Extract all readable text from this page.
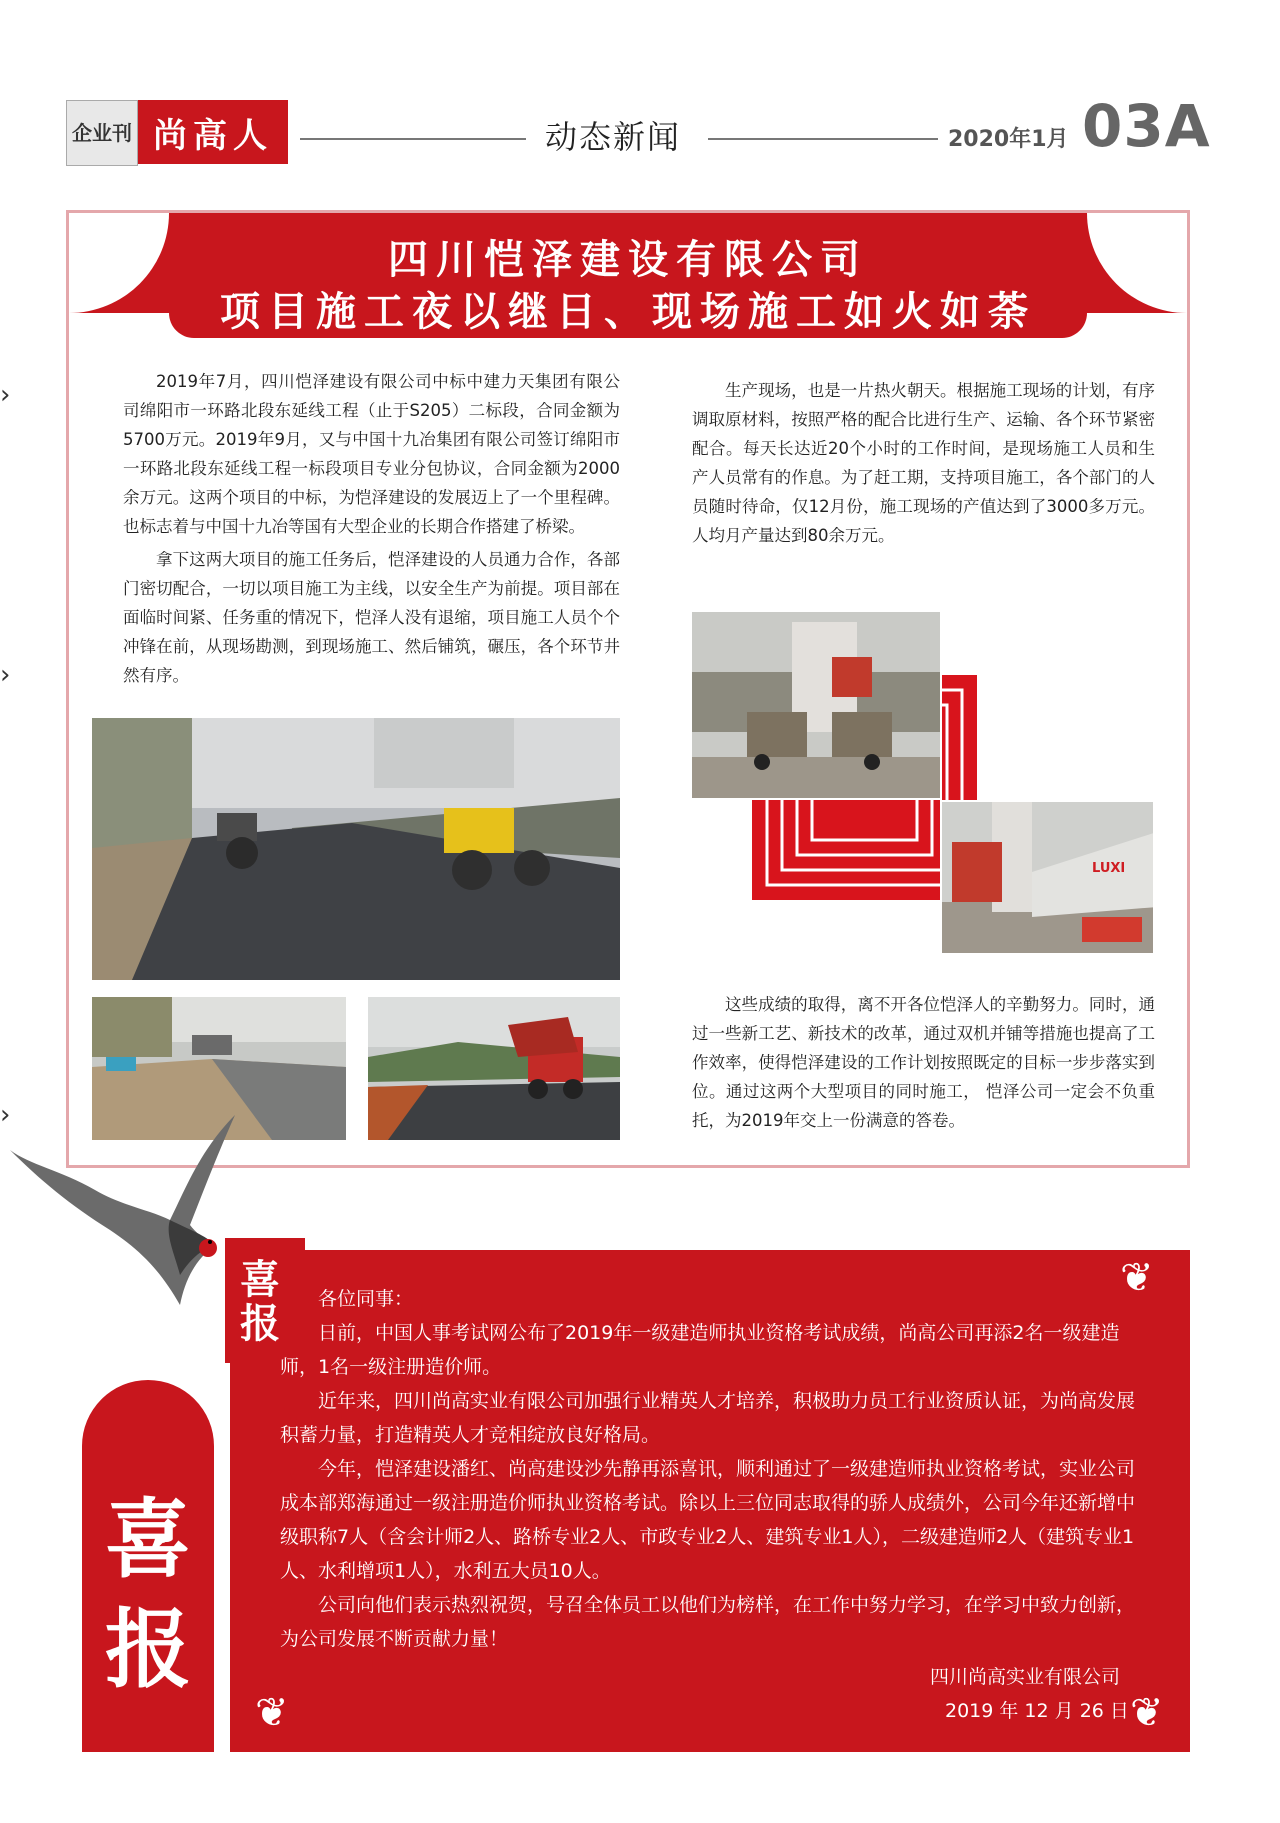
企业刊 尚高人	动态新闻	2020年1月 03A
›
›
›
四川恺泽建设有限公司
项目施工夜以继日、现场施工如火如荼

2019年7月，四川恺泽建设有限公司中标中建力天集团有限公司绵阳市一环路北段东延线工程（止于S205）二标段，合同金额为5700万元。2019年9月，又与中国十九冶集团有限公司签订绵阳市一环路北段东延线工程一标段项目专业分包协议，合同金额为2000余万元。这两个项目的中标，为恺泽建设的发展迈上了一个里程碑。也标志着与中国十九冶等国有大型企业的长期合作搭建了桥梁。

拿下这两大项目的施工任务后，恺泽建设的人员通力合作，各部门密切配合，一切以项目施工为主线，以安全生产为前提。项目部在面临时间紧、任务重的情况下，恺泽人没有退缩，项目施工人员个个冲锋在前，从现场勘测，到现场施工、然后铺筑，碾压，各个环节井然有序。

生产现场，也是一片热火朝天。根据施工现场的计划，有序调取原材料，按照严格的配合比进行生产、运输、各个环节紧密配合。每天长达近20个小时的工作时间，是现场施工人员和生产人员常有的作息。为了赶工期，支持项目施工，各个部门的人员随时待命，仅12月份，施工现场的产值达到了3000多万元。人均月产量达到80余万元。

这些成绩的取得，离不开各位恺泽人的辛勤努力。同时，通过一些新工艺、新技术的改革，通过双机并铺等措施也提高了工作效率，使得恺泽建设的工作计划按照既定的目标一步步落实到位。通过这两个大型项目的同时施工， 恺泽公司一定会不负重托，为2019年交上一份满意的答卷。

LUXI
喜
报
喜
报
❦
❦	❦

各位同事：

日前，中国人事考试网公布了2019年一级建造师执业资格考试成绩，尚高公司再添2名一级建造师，1名一级注册造价师。

近年来，四川尚高实业有限公司加强行业精英人才培养，积极助力员工行业资质认证，为尚高发展积蓄力量，打造精英人才竞相绽放良好格局。

今年，恺泽建设潘红、尚高建设沙先静再添喜讯，顺利通过了一级建造师执业资格考试，实业公司成本部郑海通过一级注册造价师执业资格考试。除以上三位同志取得的骄人成绩外，公司今年还新增中级职称7人（含会计师2人、路桥专业2人、市政专业2人、建筑专业1人），二级建造师2人（建筑专业1人、水利增项1人），水利五大员10人。

公司向他们表示热烈祝贺，号召全体员工以他们为榜样，在工作中努力学习，在学习中致力创新，为公司发展不断贡献力量！

四川尚高实业有限公司

2019 年 12 月 26 日
